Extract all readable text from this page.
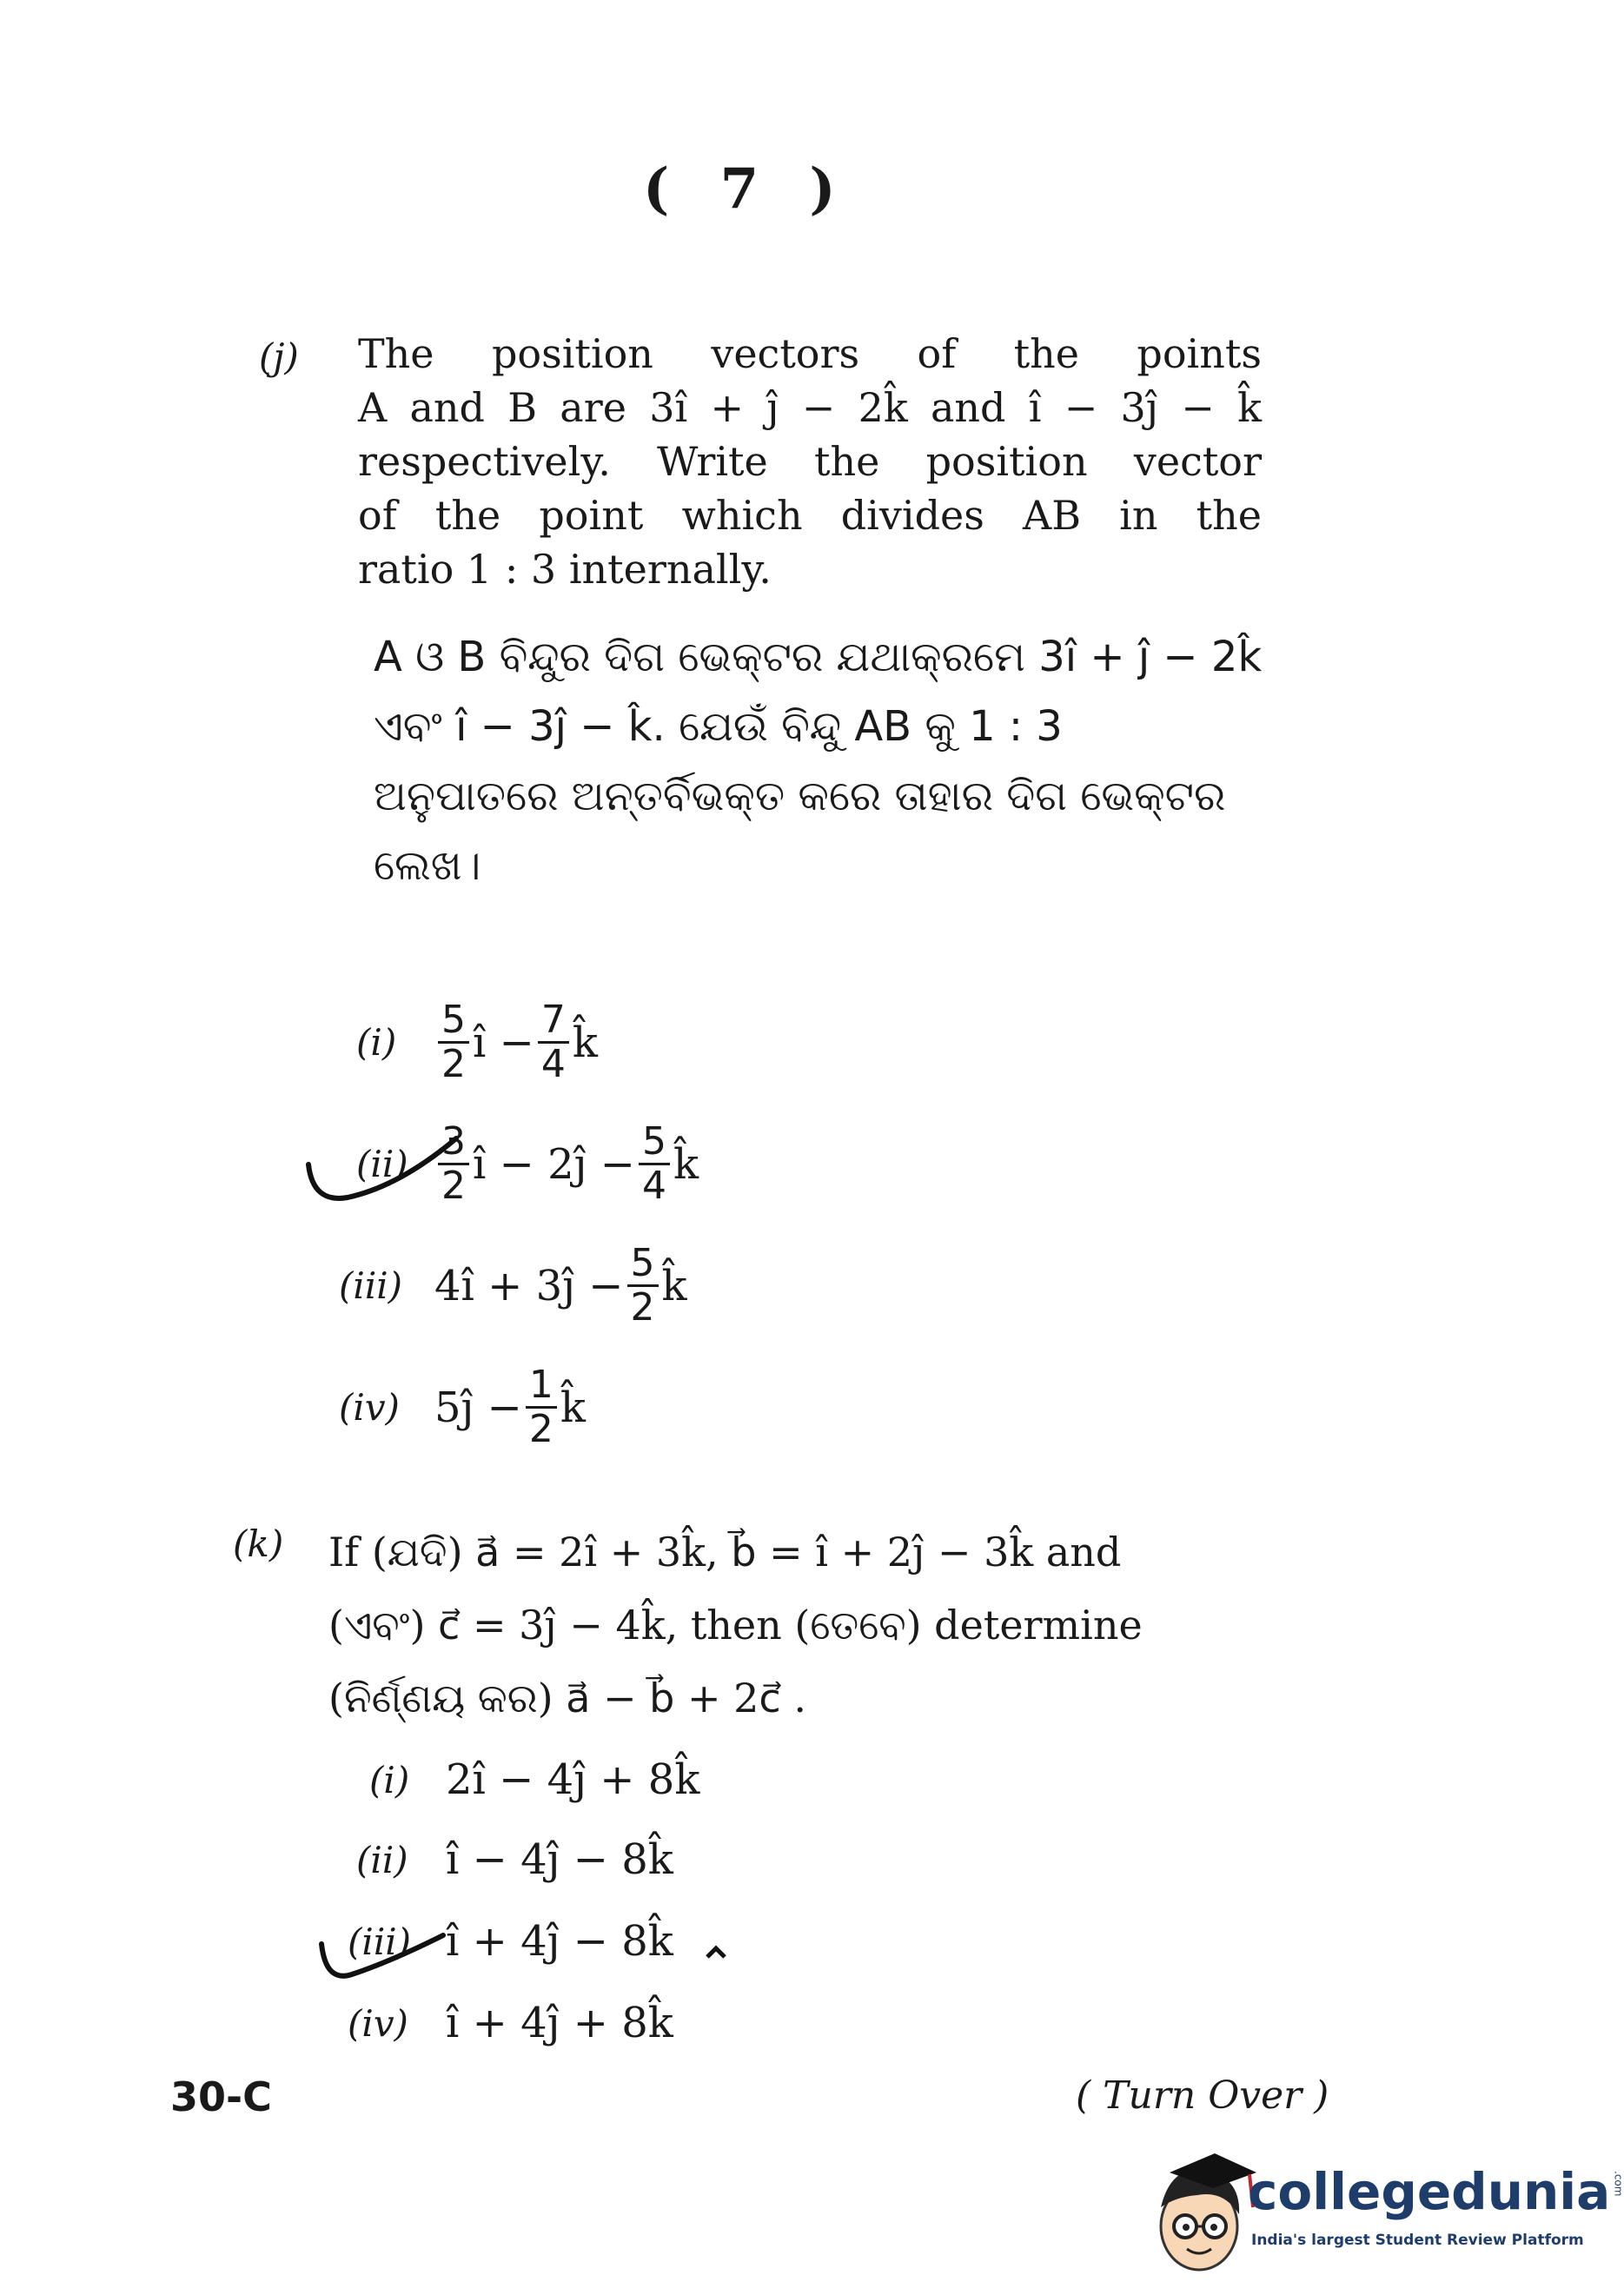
( 7 )
(j) The position vectors of the points
A and B are 3î + ĵ − 2k̂ and î − 3ĵ − k̂
respectively. Write the position vector
of the point which divides AB in the
ratio 1 : 3 internally.
A ଓ B ବିନ୍ଦୁର ଦିଗ ଭେକ୍ଟର ଯଥାକ୍ରମେ 3î + ĵ − 2k̂
ଏବଂ î − 3ĵ − k̂. ଯେଉଁ ବିନ୍ଦୁ AB କୁ 1 : 3
ଅନୁପାତରେ ଅନ୍ତର୍ବିଭକ୍ତ କରେ ତାହାର ଦିଗ ଭେକ୍ଟର
ଲେଖ।
(i)	$\frac{5}{2}$ î − $\frac{7}{4}$ k̂
$(ii) \frac{3}{2}$ î − 2ĵ − $\frac{5}{4}$ k̂
(iii) 4î + 3ĵ − $\frac{5}{2}$ k̂
(iv) 5ĵ − $\frac{1}{2}$ k̂
(k) If (ଯଦି) a⃗ = 2î + 3k̂, b⃗ = î + 2ĵ − 3k̂ and
(ଏବଂ) c⃗ = 3ĵ − 4k̂, then (ତେବେ) determine
(ନିର୍ଣ୍ଣୟ କର) a⃗ − b⃗ + 2c⃗ .
(i) 2î − 4ĵ + 8k̂
(ii) î − 4ĵ − 8k̂
(iii) î + 4ĵ − 8k̂
(iv) î + 4ĵ + 8k̂
30-C	( Turn Over )
collegedunia .com
India's largest Student Review Platform
